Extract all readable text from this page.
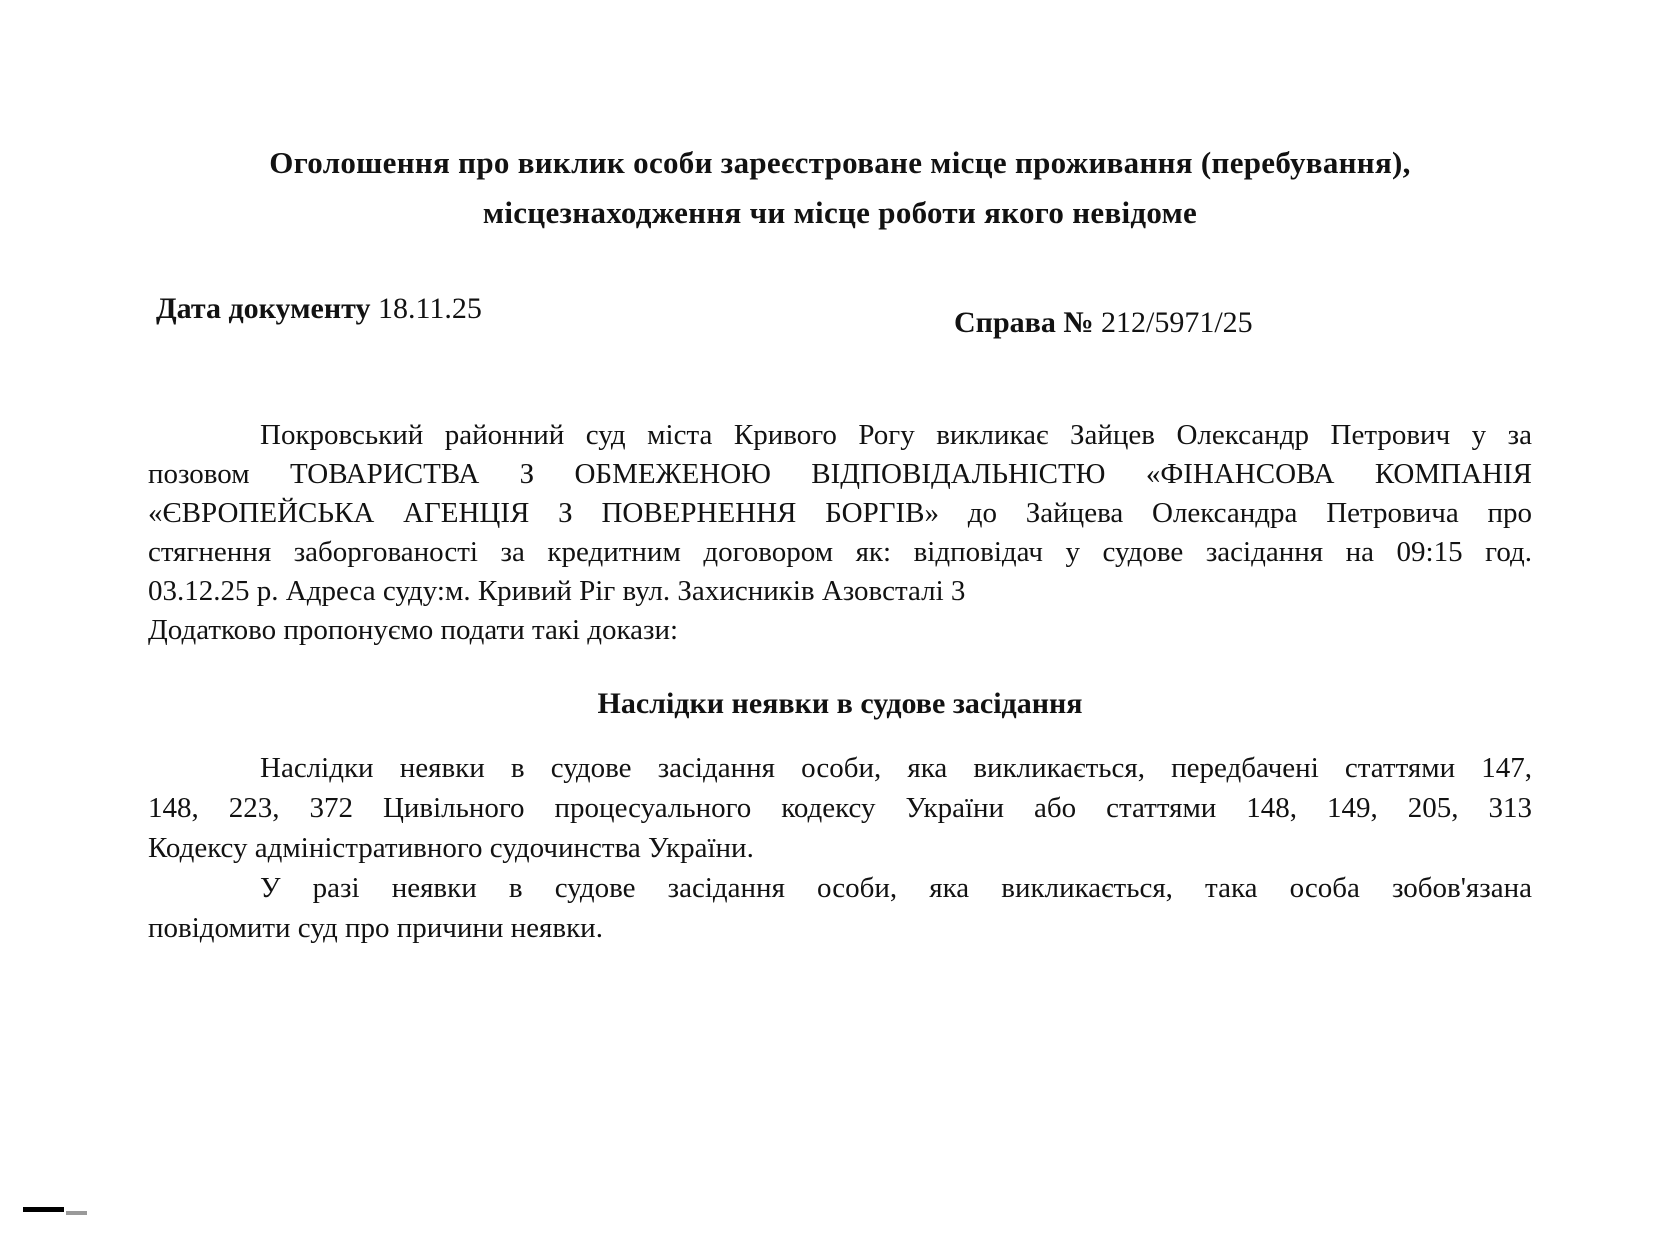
Оголошення про виклик особи зареєстроване місце проживання (перебування),
місцезнаходження чи місце роботи якого невідоме
Дата документу 18.11.25	Справа № 212/5971/25
Покровський районний суд міста Кривого Рогу викликає Зайцев Олександр Петрович у за
позовом ТОВАРИСТВА З ОБМЕЖЕНОЮ ВІДПОВІДАЛЬНІСТЮ «ФІНАНСОВА КОМПАНІЯ
«ЄВРОПЕЙСЬКА АГЕНЦІЯ З ПОВЕРНЕННЯ БОРГІВ» до Зайцева Олександра Петровича про
стягнення заборгованості за кредитним договором як: відповідач у судове засідання на 09:15 год.
03.12.25 р. Адреса суду:м. Кривий Ріг вул. Захисників Азовсталі 3
Додатково пропонуємо подати такі докази:
Наслідки неявки в судове засідання
Наслідки неявки в судове засідання особи, яка викликається, передбачені статтями 147,
148, 223, 372 Цивільного процесуального кодексу України або статтями 148, 149, 205, 313
Кодексу адміністративного судочинства України.
У разі неявки в судове засідання особи, яка викликається, така особа зобов'язана
повідомити суд про причини неявки.
